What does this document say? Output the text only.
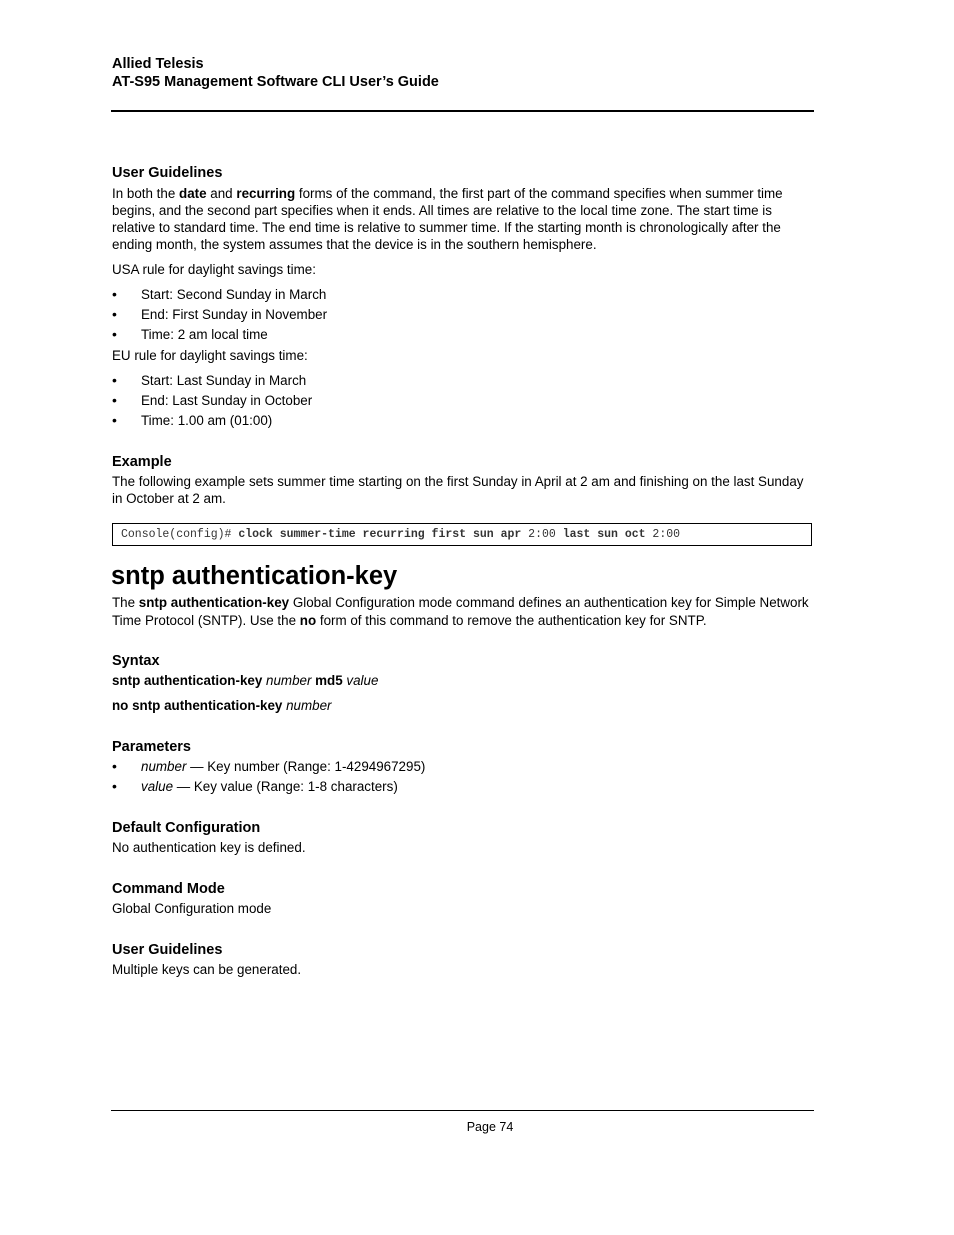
Allied Telesis
AT-S95 Management Software CLI User’s Guide
User Guidelines
In both the date and recurring forms of the command, the first part of the command specifies when summer time begins, and the second part specifies when it ends. All times are relative to the local time zone. The start time is relative to standard time. The end time is relative to summer time. If the starting month is chronologically after the ending month, the system assumes that the device is in the southern hemisphere.
USA rule for daylight savings time:
• Start: Second Sunday in March
• End: First Sunday in November
• Time: 2 am local time
EU rule for daylight savings time:
• Start: Last Sunday in March
• End: Last Sunday in October
• Time: 1.00 am (01:00)
Example
The following example sets summer time starting on the first Sunday in April at 2 am and finishing on the last Sunday in October at 2 am.
Console(config)# clock summer-time recurring first sun apr 2:00 last sun oct 2:00
sntp authentication-key
The sntp authentication-key Global Configuration mode command defines an authentication key for Simple Network Time Protocol (SNTP). Use the no form of this command to remove the authentication key for SNTP.
Syntax
sntp authentication-key number md5 value
no sntp authentication-key number
Parameters
• number — Key number (Range: 1-4294967295)
• value — Key value (Range: 1-8 characters)
Default Configuration
No authentication key is defined.
Command Mode
Global Configuration mode
User Guidelines
Multiple keys can be generated.
Page 74
